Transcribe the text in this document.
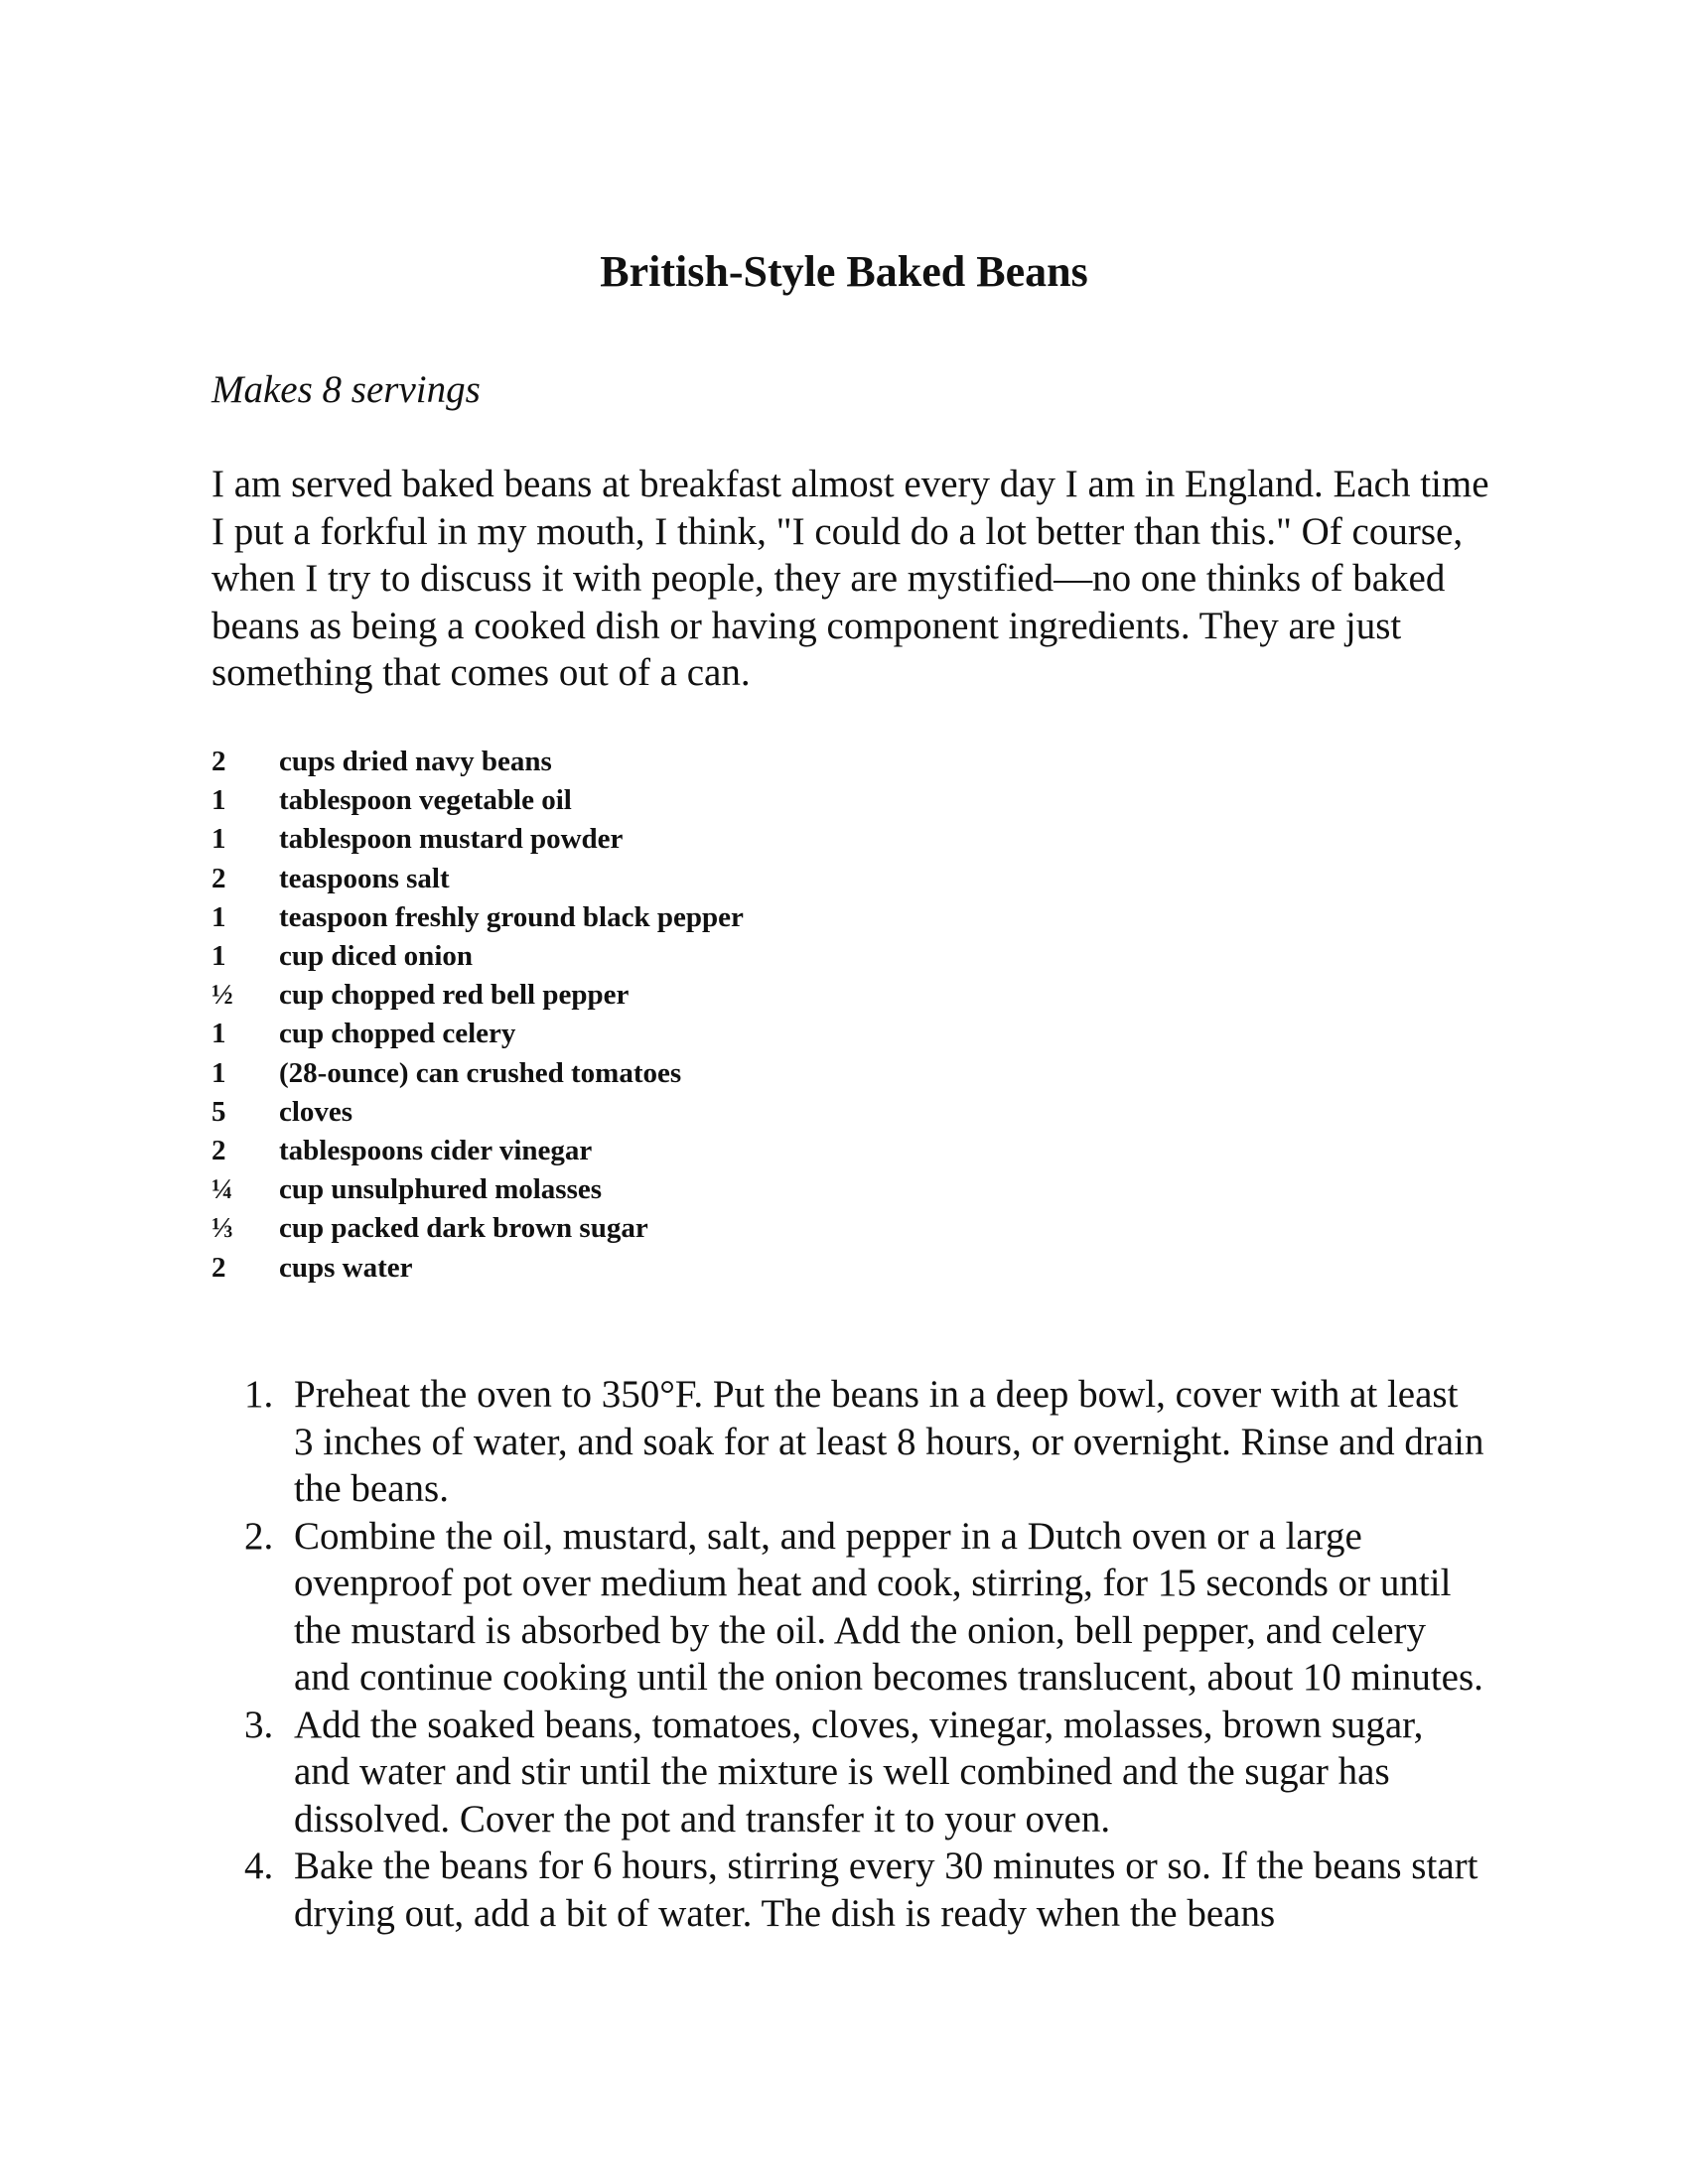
British-Style Baked Beans

Makes 8 servings

I am served baked beans at breakfast almost every day I am in England. Each time I put a forkful in my mouth, I think, "I could do a lot better than this." Of course, when I try to discuss it with people, they are mystified—no one thinks of baked beans as being a cooked dish or having component ingredients. They are just something that comes out of a can.

2	cups dried navy beans
1	tablespoon vegetable oil
1	tablespoon mustard powder
2	teaspoons salt
1	teaspoon freshly ground black pepper
1	cup diced onion
½	cup chopped red bell pepper
1	cup chopped celery
1	(28-ounce) can crushed tomatoes
5	cloves
2	tablespoons cider vinegar
¼	cup unsulphured molasses
⅓	cup packed dark brown sugar
2	cups water
1. Preheat the oven to 350°F. Put the beans in a deep bowl, cover with at least 3 inches of water, and soak for at least 8 hours, or overnight. Rinse and drain the beans.
2. Combine the oil, mustard, salt, and pepper in a Dutch oven or a large ovenproof pot over medium heat and cook, stirring, for 15 seconds or until the mustard is absorbed by the oil. Add the onion, bell pepper, and celery and continue cooking until the onion becomes translucent, about 10 minutes.
3. Add the soaked beans, tomatoes, cloves, vinegar, molasses, brown sugar, and water and stir until the mixture is well combined and the sugar has dissolved. Cover the pot and transfer it to your oven.
4. Bake the beans for 6 hours, stirring every 30 minutes or so. If the beans start drying out, add a bit of water. The dish is ready when the beans
